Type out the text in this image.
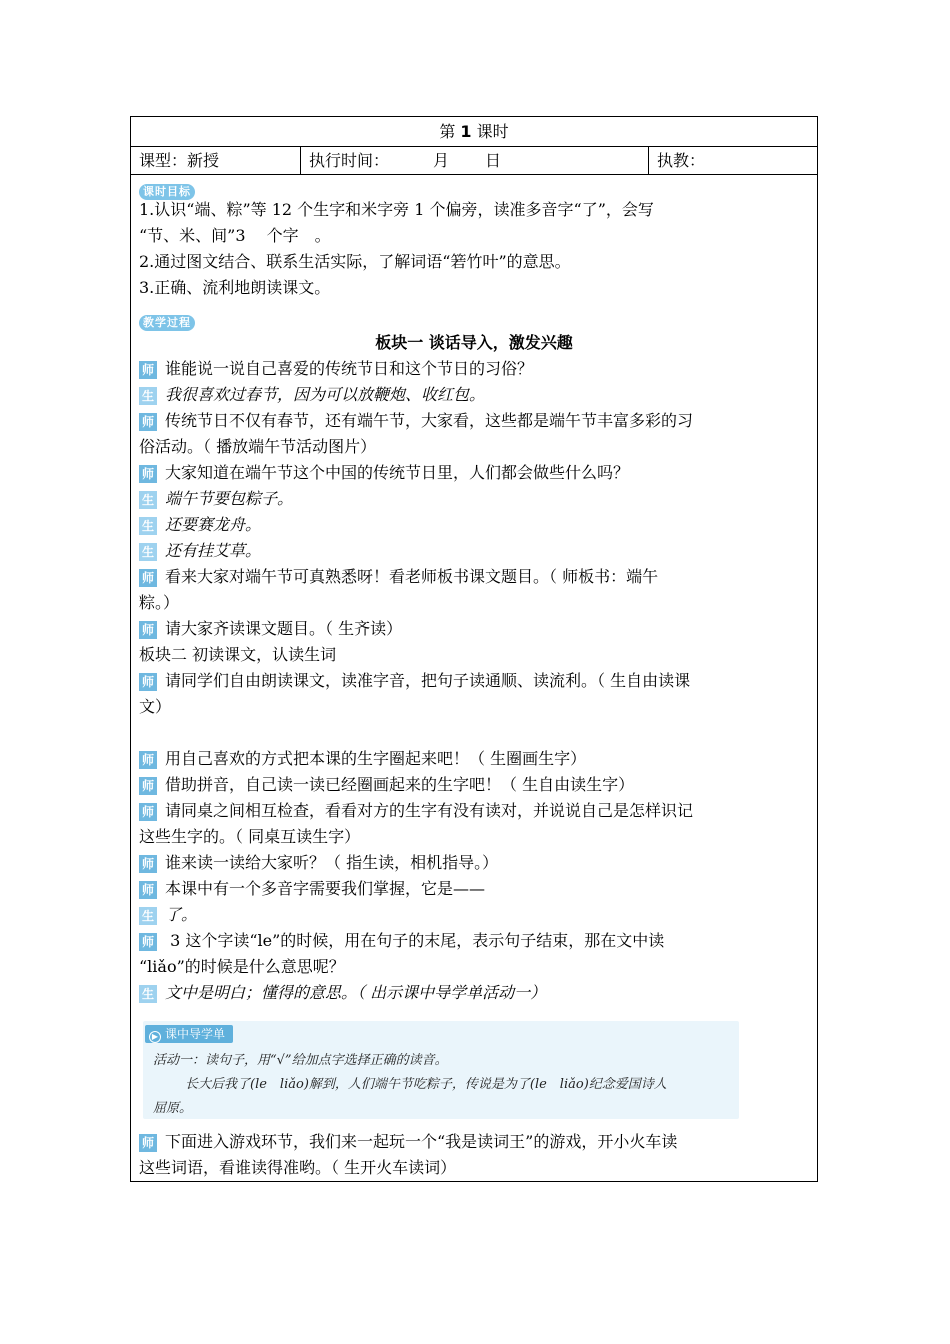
第 1 课时
课型：新授	执行时间：	月 日	执教：
课时目标
1.认识“端、粽”等 12 个生字和米字旁 1 个偏旁，读准多音字“了”，会写
“节、米、间”3　 个字　。
2.通过图文结合、联系生活实际，了解词语“箬竹叶”的意思。
3.正确、流利地朗读课文。
教学过程
板块一 谈话导入，激发兴趣
师 谁能说一说自己喜爱的传统节日和这个节日的习俗？
生 我很喜欢过春节，因为可以放鞭炮、收红包。
师 传统节日不仅有春节，还有端午节，大家看，这些都是端午节丰富多彩的习
俗活动。（ 播放端午节活动图片）
师 大家知道在端午节这个中国的传统节日里，人们都会做些什么吗？
生 端午节要包粽子。
生 还要赛龙舟。
生 还有挂艾草。
师 看来大家对端午节可真熟悉呀！看老师板书课文题目。（ 师板书：端午
粽。）
师 请大家齐读课文题目。（ 生齐读）
板块二 初读课文，认读生词
师 请同学们自由朗读课文，读准字音，把句子读通顺、读流利。（ 生自由读课
文）
师 用自己喜欢的方式把本课的生字圈起来吧！（ 生圈画生字）
师 借助拼音，自己读一读已经圈画起来的生字吧！（ 生自由读生字）
师 请同桌之间相互检查，看看对方的生字有没有读对，并说说自己是怎样识记
这些生字的。（ 同桌互读生字）
师 谁来读一读给大家听？（ 指生读，相机指导。）
师 本课中有一个多音字需要我们掌握，它是——
生 了。
师 3 这个字读“le”的时候，用在句子的末尾，表示句子结束，那在文中读
“liǎo”的时候是什么意思呢？
生 文中是明白；懂得的意思。（ 出示课中导学单活动一）
▶ 课中导学单

活动一：读句子，用“√”给加点字选择正确的读音。

长大后我了(le　liǎo)解到，人们端午节吃粽子，传说是为了(le　liǎo)纪念爱国诗人

屈原。

师 下面进入游戏环节，我们来一起玩一个“我是读词王”的游戏，开小火车读
这些词语，看谁读得准哟。（ 生开火车读词）
